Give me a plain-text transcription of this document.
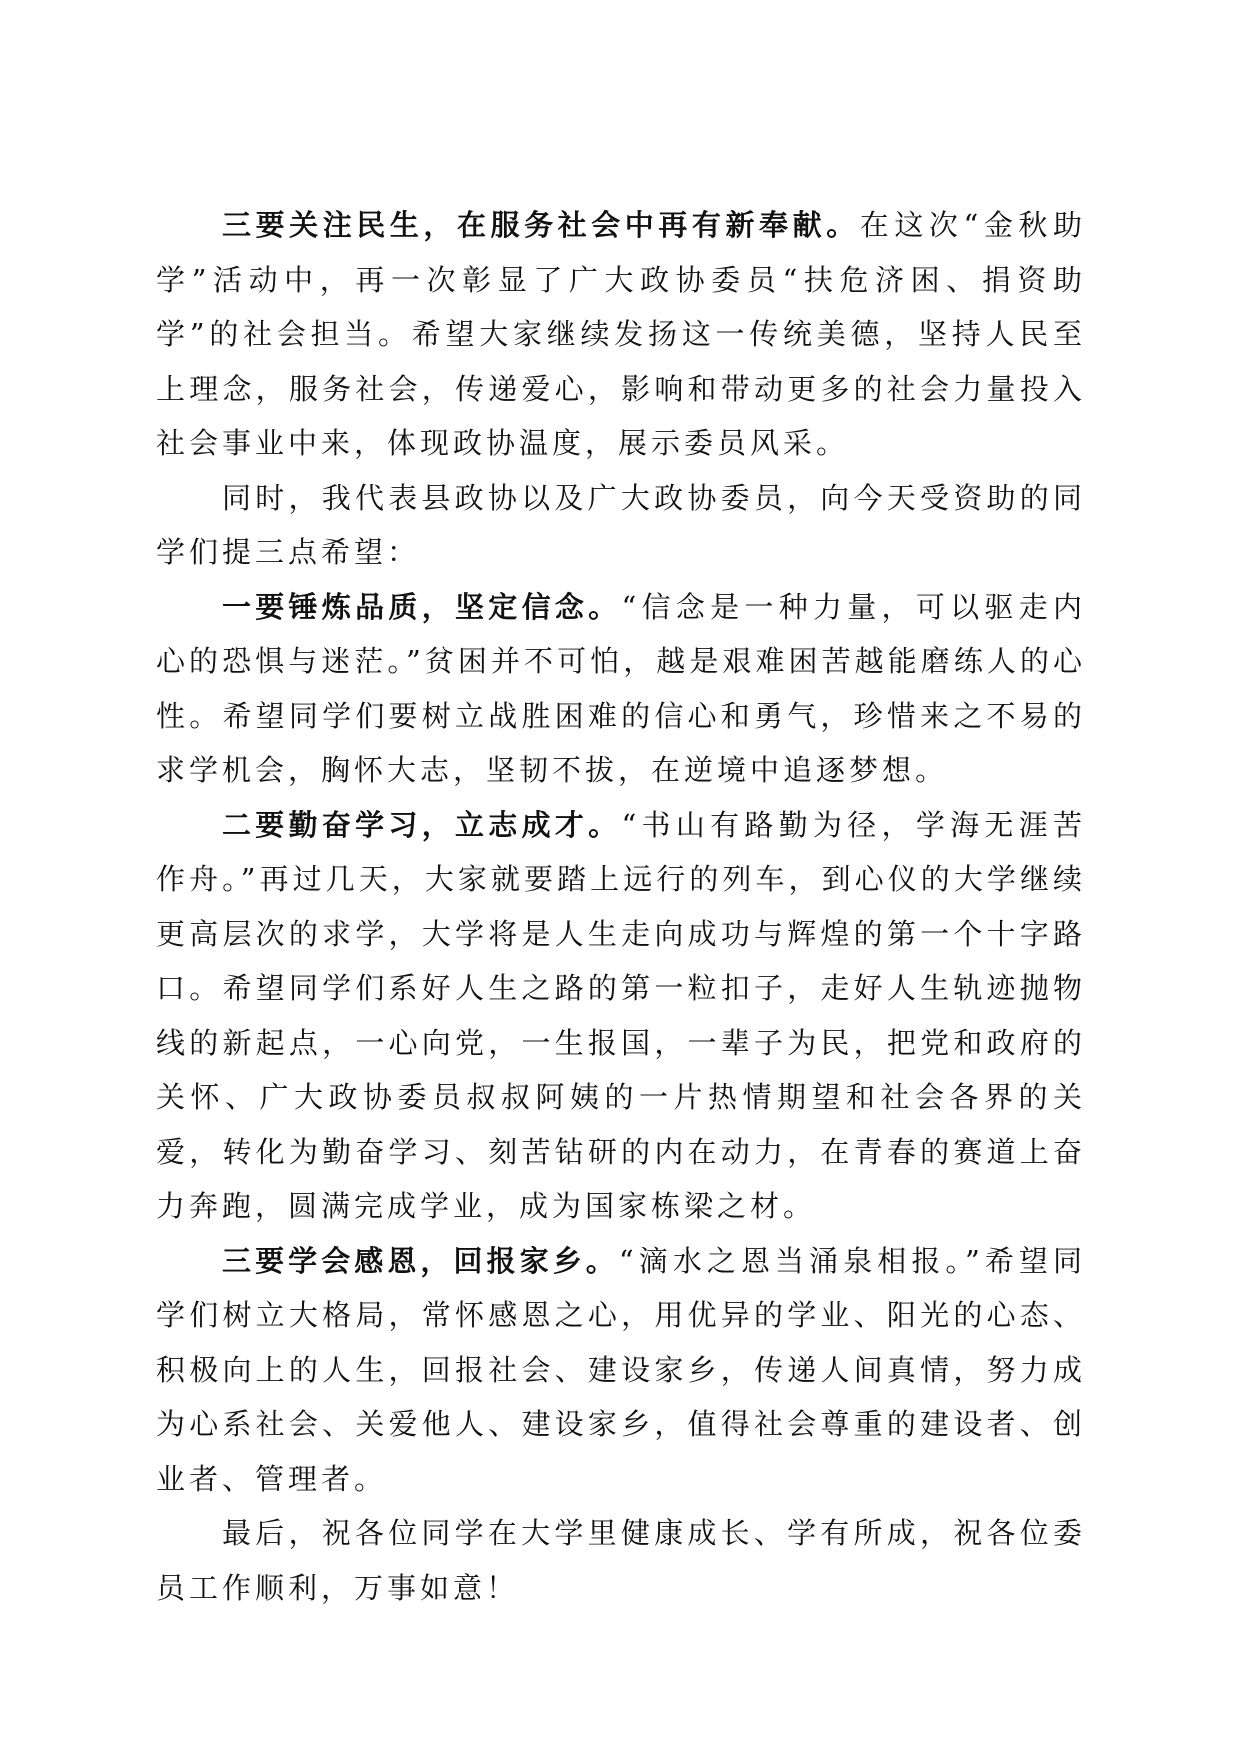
三要关注民生，在服务社会中再有新奉献。在这次“金秋助学”活动中，再一次彰显了广大政协委员“扶危济困、捐资助学”的社会担当。希望大家继续发扬这一传统美德，坚持人民至上理念，服务社会，传递爱心，影响和带动更多的社会力量投入社会事业中来，体现政协温度，展示委员风采。

同时，我代表县政协以及广大政协委员，向今天受资助的同学们提三点希望：

一要锤炼品质，坚定信念。“信念是一种力量，可以驱走内心的恐惧与迷茫。”贫困并不可怕，越是艰难困苦越能磨练人的心性。希望同学们要树立战胜困难的信心和勇气，珍惜来之不易的求学机会，胸怀大志，坚韧不拔，在逆境中追逐梦想。

二要勤奋学习，立志成才。“书山有路勤为径，学海无涯苦作舟。”再过几天，大家就要踏上远行的列车，到心仪的大学继续更高层次的求学，大学将是人生走向成功与辉煌的第一个十字路口。希望同学们系好人生之路的第一粒扣子，走好人生轨迹抛物线的新起点，一心向党，一生报国，一辈子为民，把党和政府的关怀、广大政协委员叔叔阿姨的一片热情期望和社会各界的关爱，转化为勤奋学习、刻苦钻研的内在动力，在青春的赛道上奋力奔跑，圆满完成学业，成为国家栋梁之材。

三要学会感恩，回报家乡。“滴水之恩当涌泉相报。”希望同学们树立大格局，常怀感恩之心，用优异的学业、阳光的心态、积极向上的人生，回报社会、建设家乡，传递人间真情，努力成为心系社会、关爱他人、建设家乡，值得社会尊重的建设者、创业者、管理者。

最后，祝各位同学在大学里健康成长、学有所成，祝各位委员工作顺利，万事如意！
